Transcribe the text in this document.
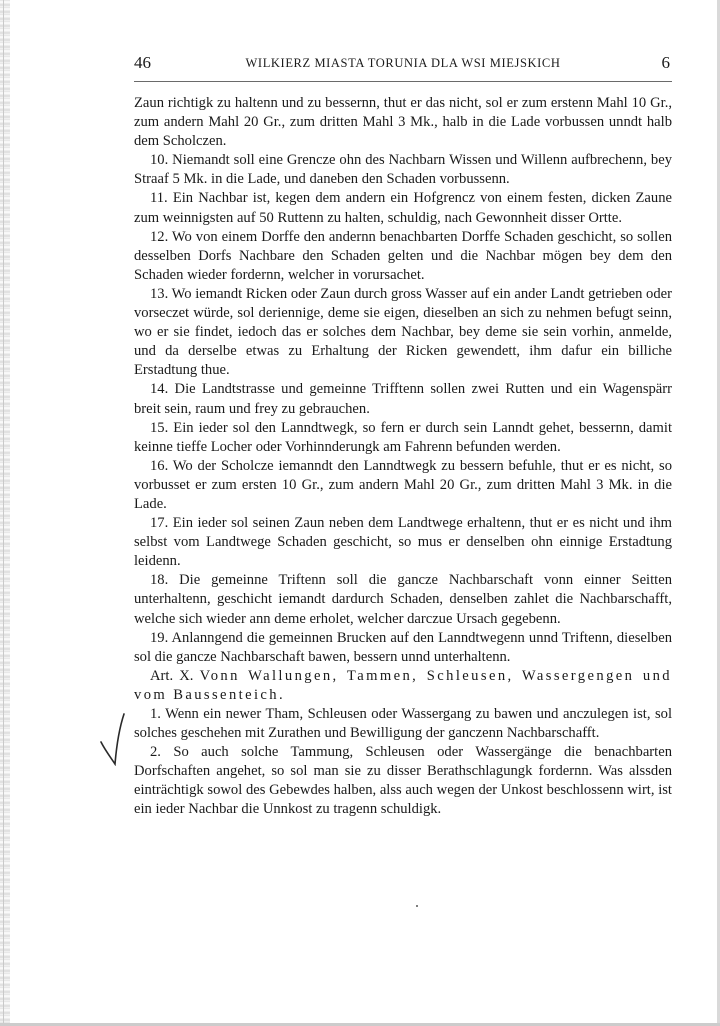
46	WILKIERZ MIASTA TORUNIA DLA WSI MIEJSKICH	6

Zaun richtigk zu haltenn und zu bessernn, thut er das nicht, sol er zum erstenn Mahl 10 Gr., zum andern Mahl 20 Gr., zum dritten Mahl 3 Mk., halb in die Lade vorbussen unndt halb dem Scholczen.

10. Niemandt soll eine Grencze ohn des Nachbarn Wissen und Willenn aufbrechenn, bey Straaf 5 Mk. in die Lade, und daneben den Schaden vorbussenn.

11. Ein Nachbar ist, kegen dem andern ein Hofgrencz von einem festen, dicken Zaune zum weinnigsten auf 50 Ruttenn zu halten, schuldig, nach Gewonnheit disser Ortte.

12. Wo von einem Dorffe den andernn benachbarten Dorffe Schaden geschicht, so sollen desselben Dorfs Nachbare den Schaden gelten und die Nachbar mögen bey dem den Schaden wieder fordernn, welcher in vorursachet.

13. Wo iemandt Ricken oder Zaun durch gross Wasser auf ein ander Landt getrieben oder vorseczet würde, sol deriennige, deme sie eigen, dieselben an sich zu nehmen befugt seinn, wo er sie findet, iedoch das er solches dem Nachbar, bey deme sie sein vorhin, anmelde, und da derselbe etwas zu Erhaltung der Ricken gewendett, ihm dafur ein billiche Erstadtung thue.

14. Die Landtstrasse und gemeinne Trifftenn sollen zwei Rutten und ein Wagenspärr breit sein, raum und frey zu gebrauchen.

15. Ein ieder sol den Lanndtwegk, so fern er durch sein Lanndt gehet, bessernn, damit keinne tieffe Locher oder Vorhinnderungk am Fahrenn befunden werden.

16. Wo der Scholcze iemanndt den Lanndtwegk zu bessern befuhle, thut er es nicht, so vorbusset er zum ersten 10 Gr., zum andern Mahl 20 Gr., zum dritten Mahl 3 Mk. in die Lade.

17. Ein ieder sol seinen Zaun neben dem Landtwege erhaltenn, thut er es nicht und ihm selbst vom Landtwege Schaden geschicht, so mus er denselben ohn einnige Erstadtung leidenn.

18. Die gemeinne Triftenn soll die gancze Nachbarschaft vonn einner Seitten unterhaltenn, geschicht iemandt dardurch Schaden, denselben zahlet die Nachbarschafft, welche sich wieder ann deme erholet, welcher darczue Ursach gegebenn.

19. Anlanngend die gemeinnen Brucken auf den Lanndtwegenn unnd Triftenn, dieselben sol die gancze Nachbarschaft bawen, bessern unnd unterhaltenn.

Art. X. Vonn Wallungen, Tammen, Schleusen, Wassergengen und vom Baussenteich.

1. Wenn ein newer Tham, Schleusen oder Wassergang zu bawen und anczulegen ist, sol solches geschehen mit Zurathen und Bewilligung der ganczenn Nachbarschafft.

2. So auch solche Tammung, Schleusen oder Wassergänge die benachbarten Dorfschaften angehet, so sol man sie zu disser Berathschlagungk fordernn. Was alssden einträchtigk sowol des Gebewdes halben, alss auch wegen der Unkost beschlossenn wirt, ist ein ieder Nachbar die Unnkost zu tragenn schuldigk.
